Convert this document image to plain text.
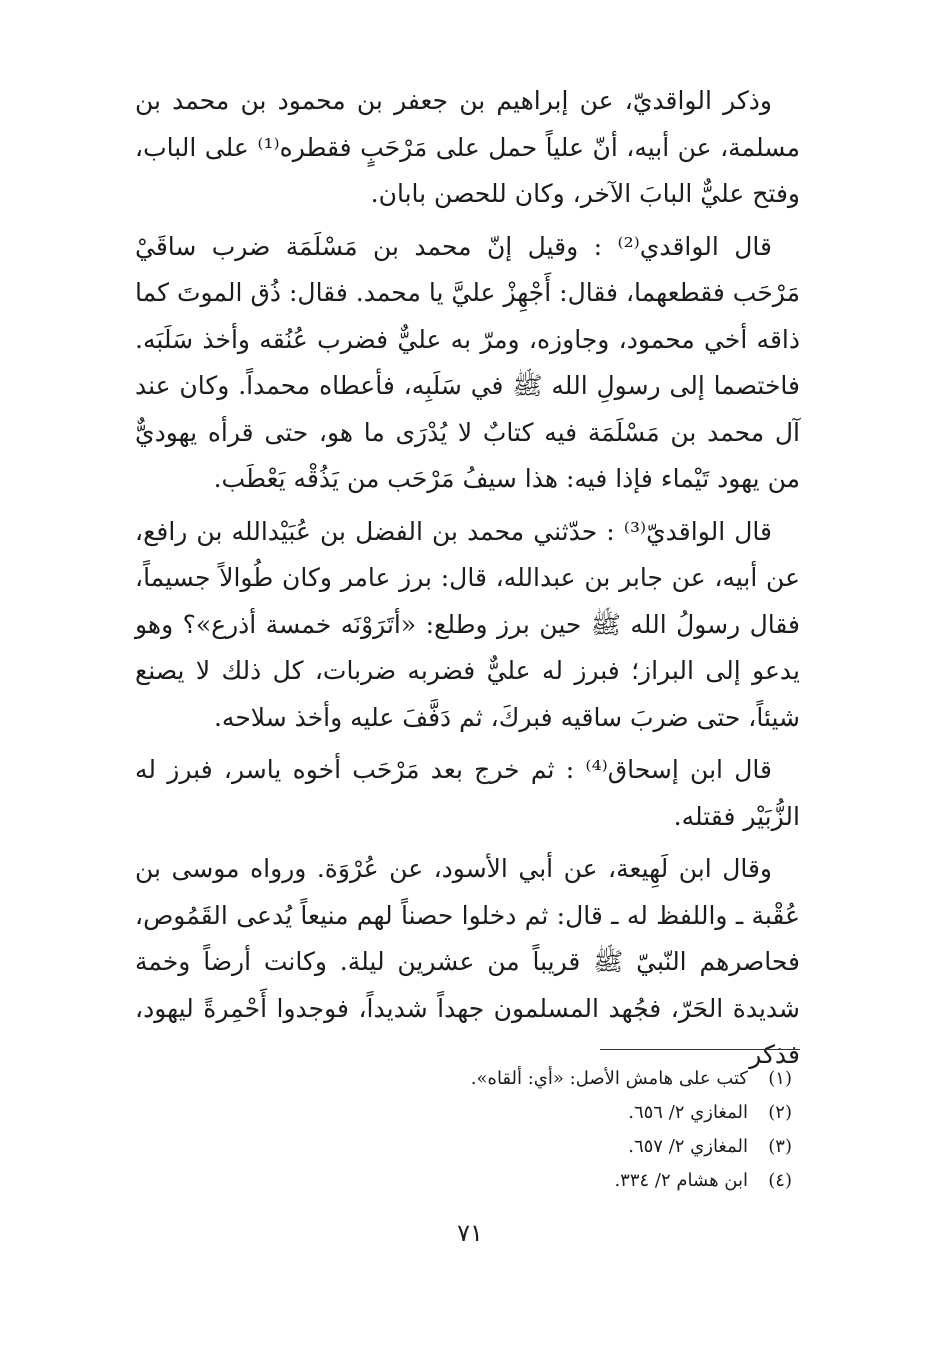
وذكر الواقديّ، عن إبراهيم بن جعفر بن محمود بن محمد بن مسلمة، عن أبيه، أنّ علياً حمل على مَرْحَبٍ فقطره⁽¹⁾ على الباب، وفتح عليٌّ البابَ الآخر، وكان للحصن بابان.

قال الواقدي⁽²⁾ : وقيل إنّ محمد بن مَسْلَمَة ضرب ساقَيْ مَرْحَب فقطعهما، فقال: أَجْهِزْ عليَّ يا محمد. فقال: ذُق الموتَ كما ذاقه أخي محمود، وجاوزه، ومرّ به عليٌّ فضرب عُنُقه وأخذ سَلَبَه. فاختصما إلى رسولِ الله ﷺ في سَلَبِه، فأعطاه محمداً. وكان عند آل محمد بن مَسْلَمَة فيه كتابٌ لا يُدْرَى ما هو، حتى قرأه يهوديٌّ من يهود تَيْماء فإذا فيه: هذا سيفُ مَرْحَب من يَذُقْه يَعْطَب.

قال الواقديّ⁽³⁾ : حدّثني محمد بن الفضل بن عُبَيْدالله بن رافع، عن أبيه، عن جابر بن عبدالله، قال: برز عامر وكان طُوالاً جسيماً، فقال رسولُ الله ﷺ حين برز وطلع: «أتَرَوْنَه خمسة أذرع»؟ وهو يدعو إلى البراز؛ فبرز له عليٌّ فضربه ضربات، كل ذلك لا يصنع شيئاً، حتى ضربَ ساقيه فبركَ، ثم دَفَّفَ عليه وأخذ سلاحه.

قال ابن إسحاق⁽⁴⁾ : ثم خرج بعد مَرْحَب أخوه ياسر، فبرز له الزُّبَيْر فقتله.

وقال ابن لَهِيعة، عن أبي الأسود، عن عُرْوَة. ورواه موسى بن عُقْبة ـ واللفظ له ـ قال: ثم دخلوا حصناً لهم منيعاً يُدعى القَمُوص، فحاصرهم النّبيّ ﷺ قريباً من عشرين ليلة. وكانت أرضاً وخمة شديدة الحَرّ، فجُهد المسلمون جهداً شديداً، فوجدوا أَحْمِرةً ليهود، فذكر

(١)
كتب على هامش الأصل: «أي: ألقاه».
(٢)
المغازي ٢/ ٦٥٦.
(٣)
المغازي ٢/ ٦٥٧.
(٤)
ابن هشام ٢/ ٣٣٤.
٧١
